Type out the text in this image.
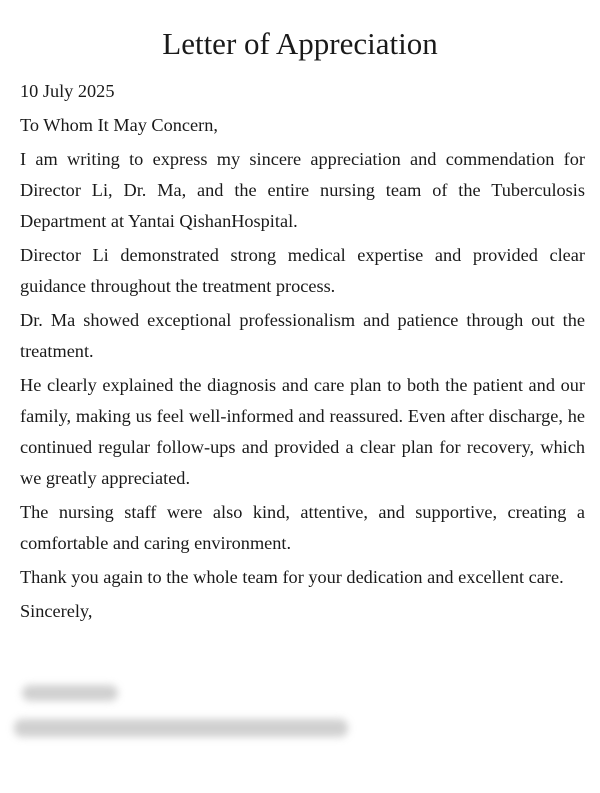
Letter of Appreciation

10 July 2025

To Whom It May Concern,

I am writing to express my sincere appreciation and commendation for Director Li, Dr. Ma, and the entire nursing team of the Tuberculosis Department at Yantai QishanHospital.

Director Li demonstrated strong medical expertise and provided clear guidance throughout the treatment process.

Dr. Ma showed exceptional professionalism and patience through out the treatment.

He clearly explained the diagnosis and care plan to both the patient and our family, making us feel well-informed and reassured. Even after discharge, he continued regular follow-ups and provided a clear plan for recovery, which we greatly appreciated.

The nursing staff were also kind, attentive, and supportive, creating a comfortable and caring environment.

Thank you again to the whole team for your dedication and excellent care.

Sincerely,
